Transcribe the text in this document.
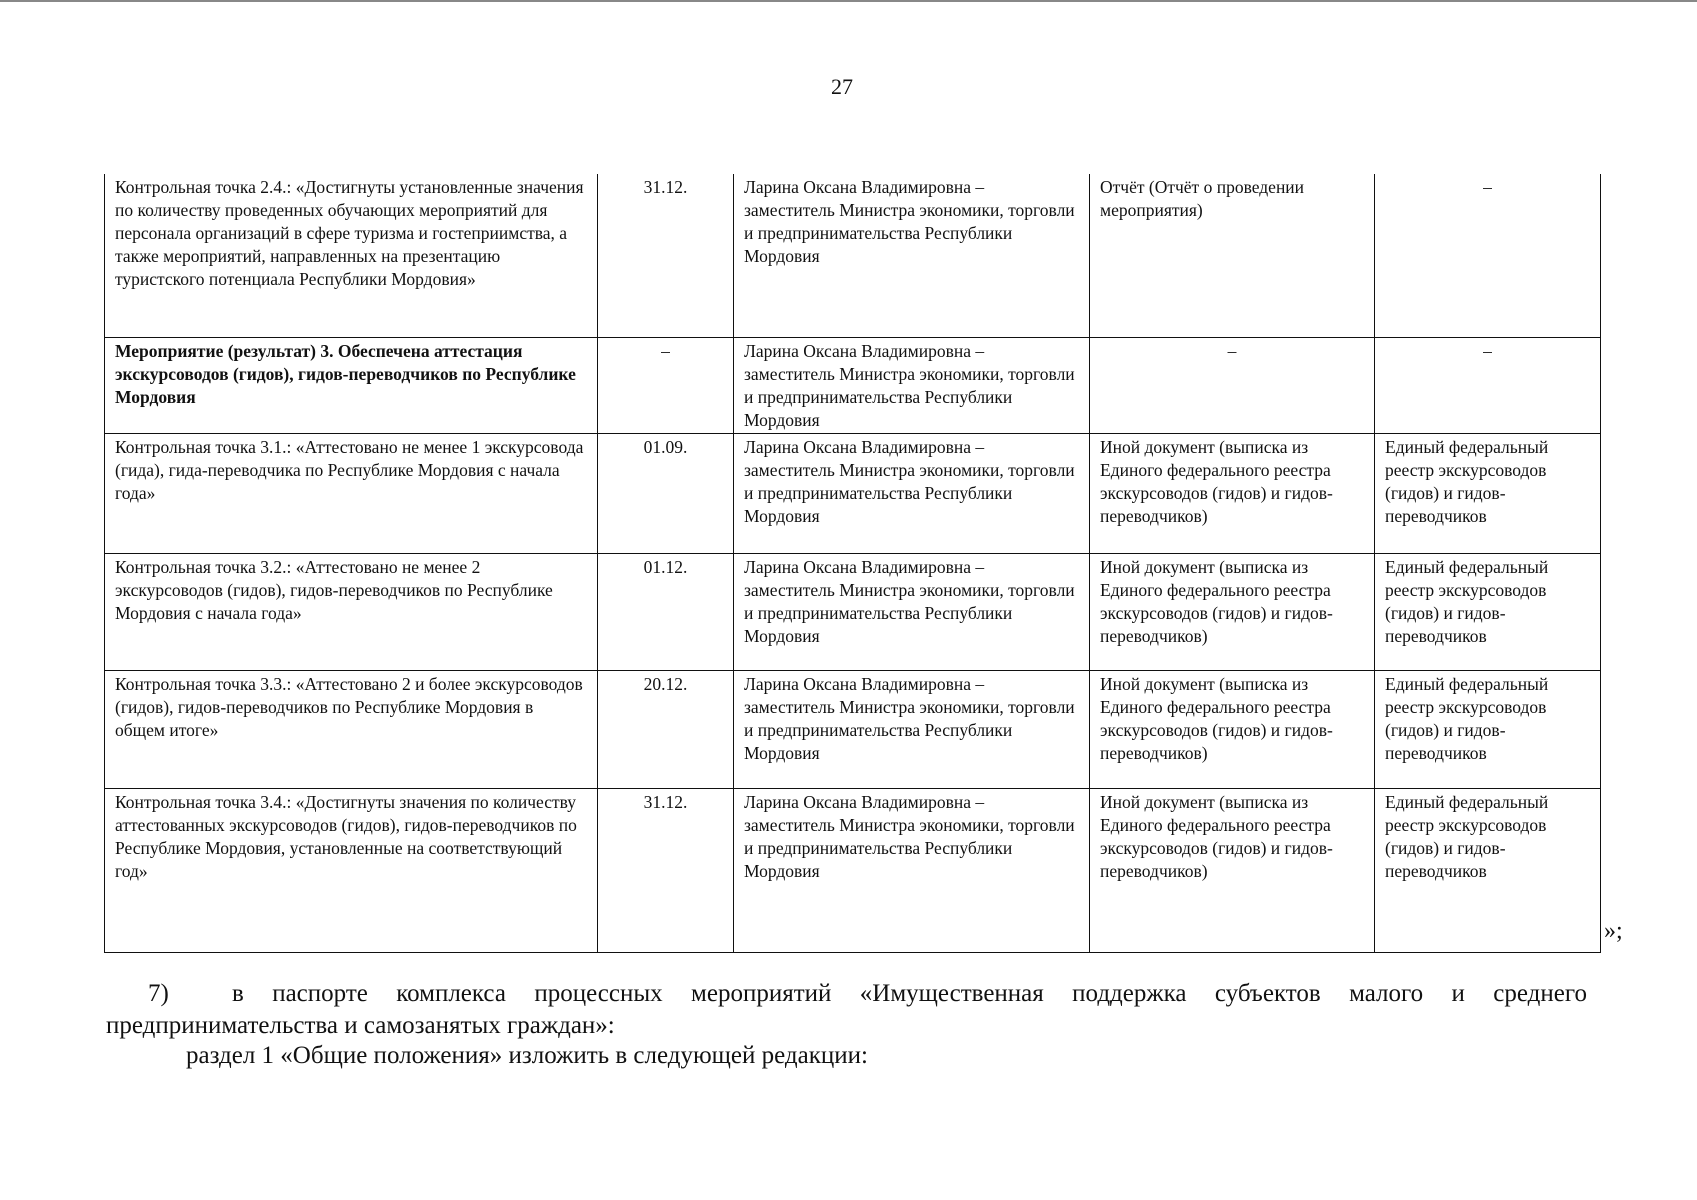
27
Контрольная точка 2.4.: «Достигнуты установленные значения по количеству проведенных обучающих мероприятий для персонала организаций в сфере туризма и гостеприимства, а также мероприятий, направленных на презентацию туристского потенциала Республики Мордовия»	31.12.	Ларина Оксана Владимировна – заместитель Министра экономики, торговли и предпринимательства Республики Мордовия	Отчёт (Отчёт о проведении мероприятия)	–
Мероприятие (результат) 3. Обеспечена аттестация экскурсоводов (гидов), гидов-переводчиков по Республике Мордовия	–	Ларина Оксана Владимировна – заместитель Министра экономики, торговли и предпринимательства Республики Мордовия	–	–
Контрольная точка 3.1.: «Аттестовано не менее 1 экскурсовода (гида), гида-переводчика по Республике Мордовия с начала года»	01.09.	Ларина Оксана Владимировна – заместитель Министра экономики, торговли и предпринимательства Республики Мордовия	Иной документ (выписка из Единого федерального реестра экскурсоводов (гидов) и гидов-переводчиков)	Единый федеральный реестр экскурсоводов (гидов) и гидов-переводчиков
Контрольная точка 3.2.: «Аттестовано не менее 2 экскурсоводов (гидов), гидов-переводчиков по Республике Мордовия с начала года»	01.12.	Ларина Оксана Владимировна – заместитель Министра экономики, торговли и предпринимательства Республики Мордовия	Иной документ (выписка из Единого федерального реестра экскурсоводов (гидов) и гидов-переводчиков)	Единый федеральный реестр экскурсоводов (гидов) и гидов-переводчиков
Контрольная точка 3.3.: «Аттестовано 2 и более экскурсоводов (гидов), гидов-переводчиков по Республике Мордовия в общем итоге»	20.12.	Ларина Оксана Владимировна – заместитель Министра экономики, торговли и предпринимательства Республики Мордовия	Иной документ (выписка из Единого федерального реестра экскурсоводов (гидов) и гидов-переводчиков)	Единый федеральный реестр экскурсоводов (гидов) и гидов-переводчиков
Контрольная точка 3.4.: «Достигнуты значения по количеству аттестованных экскурсоводов (гидов), гидов-переводчиков по Республике Мордовия, установленные на соответствующий год»	31.12.	Ларина Оксана Владимировна – заместитель Министра экономики, торговли и предпринимательства Республики Мордовия	Иной документ (выписка из Единого федерального реестра экскурсоводов (гидов) и гидов-переводчиков)	Единый федеральный реестр экскурсоводов (гидов) и гидов-переводчиков
»;
7)	в паспорте комплекса процессных мероприятий «Имущественная поддержка субъектов малого и среднего предпринимательства и самозанятых граждан»:
раздел 1 «Общие положения» изложить в следующей редакции:
